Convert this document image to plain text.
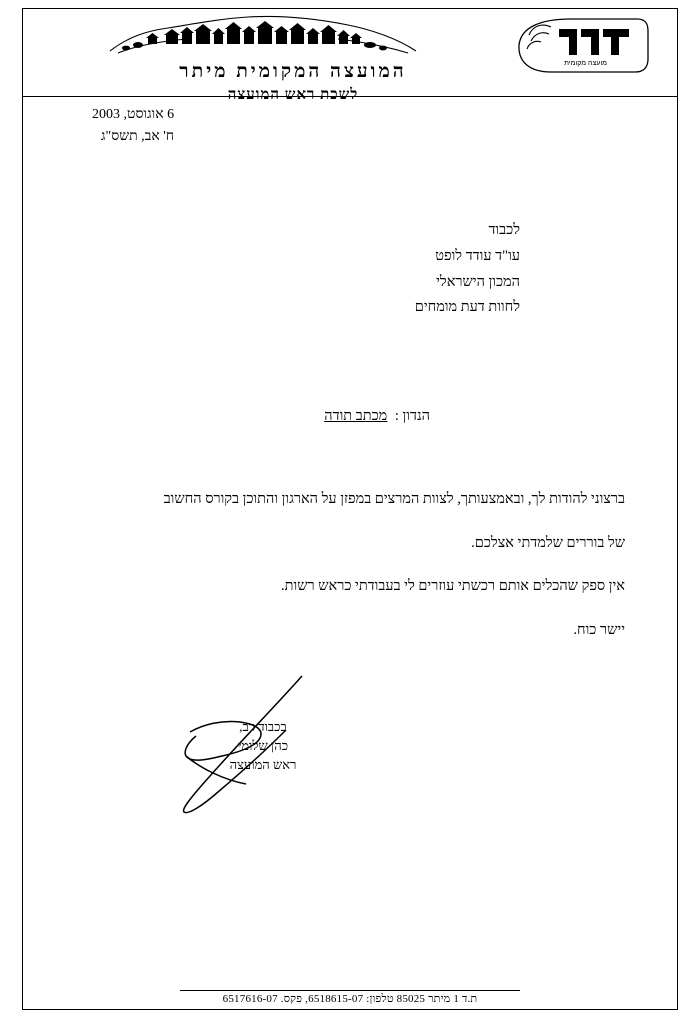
המועצה המקומית מיתר
לשכת ראש המועצה
מועצה מקומית
6 אוגוסט, 2003
ח' אב, תשס"ג
לכבוד
עו"ד עודד לופט
המכון הישראלי
לחוות דעת מומחים
הנדון : מכתב תודה

ברצוני להודות לך, ובאמצעותך, לצוות המרצים במפזן על הארגון והתוכן בקורס החשוב

של בוררים שלמדתי אצלכם.

אין ספק שהכלים אותם רכשתי עוזרים לי בעבודתי כראש רשות.

יישר כוח.

בכבוד רב,
כהן שלומי
ראש המועצה
ת.ד 1 מיתר 85025 טלפון: 6518615-07, פקס. 6517616-07
